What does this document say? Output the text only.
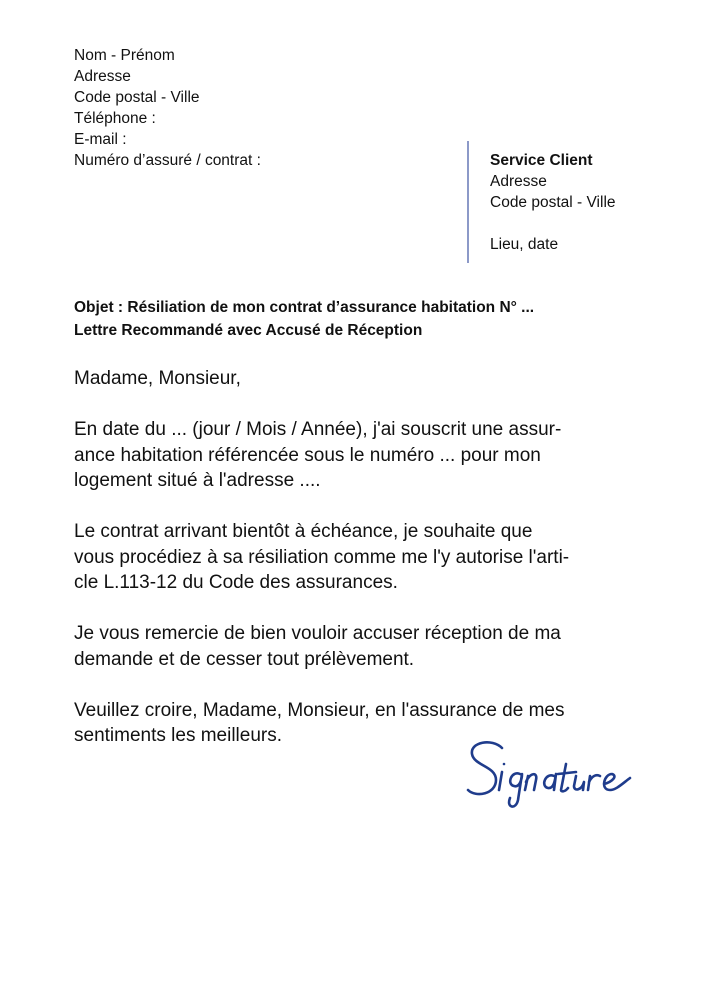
Nom - Prénom
Adresse
Code postal - Ville
Téléphone :
E-mail :
Numéro d’assuré / contrat :	Service Client
Adresse
Code postal - Ville
Lieu, date
Objet : Résiliation de mon contrat d’assurance habitation N° ...
Lettre Recommandé avec Accusé de Réception

Madame, Monsieur,

En date du ... (jour / Mois / Année), j'ai souscrit une assur-
ance habitation référencée sous le numéro ... pour mon
logement situé à l'adresse ....

Le contrat arrivant bientôt à échéance, je souhaite que
vous procédiez à sa résiliation comme me l'y autorise l'arti-
cle L.113-12 du Code des assurances.

Je vous remercie de bien vouloir accuser réception de ma
demande et de cesser tout prélèvement.

Veuillez croire, Madame, Monsieur, en l'assurance de mes
sentiments les meilleurs.
